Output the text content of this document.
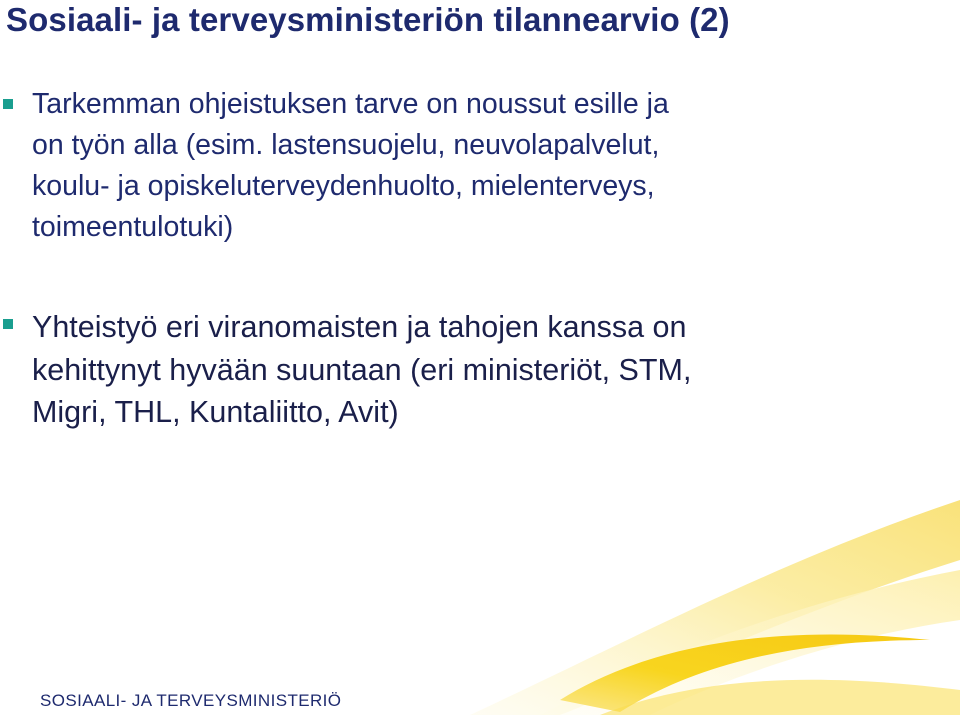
Sosiaali- ja terveysministeriön tilannearvio (2)
Tarkemman ohjeistuksen tarve on noussut esille ja
on työn alla (esim. lastensuojelu, neuvolapalvelut,
koulu- ja opiskeluterveydenhuolto, mielenterveys,
toimeentulotuki)
Yhteistyö eri viranomaisten ja tahojen kanssa on
kehittynyt hyvään suuntaan (eri ministeriöt, STM,
Migri, THL, Kuntaliitto, Avit)
SOSIAALI- JA TERVEYSMINISTERIÖ
